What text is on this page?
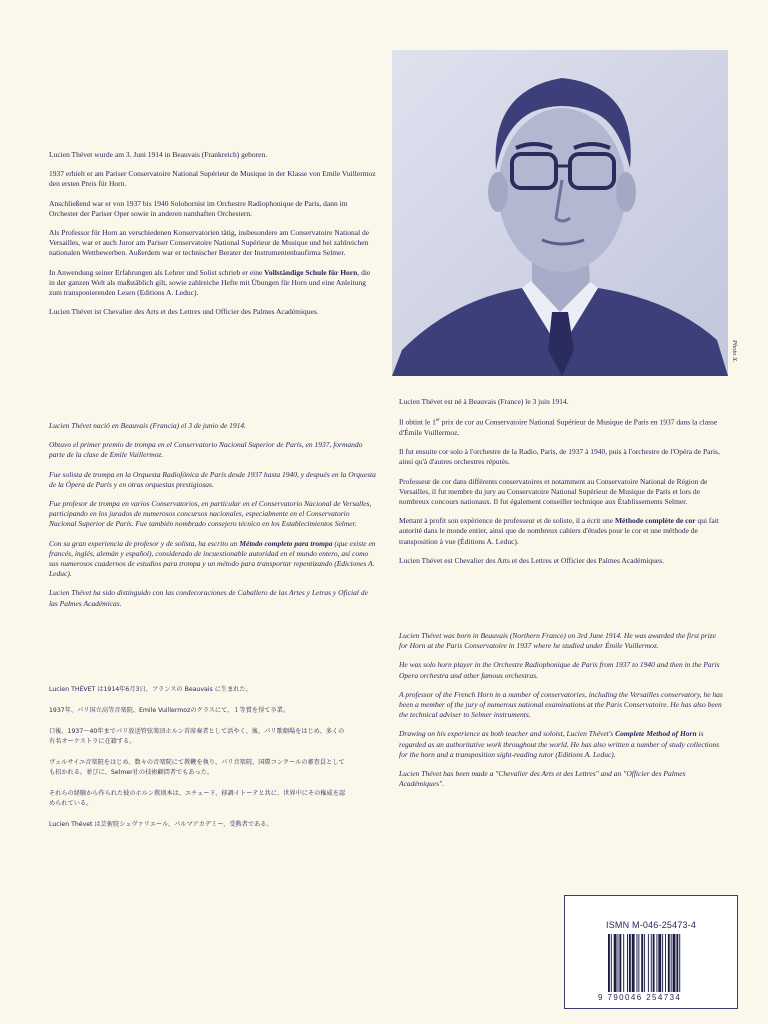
Lucien Thévet wurde am 3. Juni 1914 in Beauvais (Frankreich) geboren.

1937 erhielt er am Pariser Conservatoire National Supérieur de Musique in der Klasse von Emile Vuillermoz den ersten Preis für Horn.

Anschließend war er von 1937 bis 1940 Solohornist im Orchestre Radiophonique de Paris, dann im Orchester der Pariser Oper sowie in anderen namhaften Orchestern.

Als Professor für Horn an verschiedenen Konservatorien tätig, insbesondere am Conservatoire National de Versailles, war er auch Juror am Pariser Conservatoire National Supérieur de Musique und bei zahlreichen nationalen Wettbewerben. Außerdem war er technischer Berater der Instrumentenbaufirma Selmer.

In Anwendung seiner Erfahrungen als Lehrer und Solist schrieb er eine Vollständige Schule für Horn, die in der ganzen Welt als maßstäblich gilt, sowie zahlreiche Hefte mit Übungen für Horn und eine Anleitung zum transponierenden Lesen (Editions A. Leduc).

Lucien Thévet ist Chevalier des Arts et des Lettres und Officier des Palmes Académiques.

Lucien Thévet nació en Beauvais (Francia) el 3 de junio de 1914.

Obtuvo el primer premio de trompa en el Conservatorio Nacional Superior de París, en 1937, formando parte de la clase de Emile Vuillermoz.

Fue solista de trompa en la Orquesta Radiofónica de París desde 1937 hasta 1940, y después en la Orquesta de la Ópera de París y en otras orquestas prestigiosas.

Fue profesor de trompa en varios Conservatorios, en particular en el Conservatorio Nacional de Versalles, participando en los jurados de numerosos concursos nacionales, especialmente en el Conservatorio Nacional Superior de París. Fue también nombrado consejero técnico en los Establecimientos Selmer.

Con su gran experiencia de profesor y de solista, ha escrito un Método completo para trompa (que existe en francés, inglés, alemán y español), considerado de incuestionable autoridad en el mundo entero, así como sus numerosos cuadernos de estudios para trompa y un método para transportar repentizando (Ediciones A. Leduc).

Lucien Thévet ha sido distinguido con las condecoraciones de Caballero de las Artes y Letras y Oficial de las Palmes Académicas.

Lucien THÉVET は1914年6月3日、フランスの Beauvais に生まれた。

1937年、パリ国立高等音楽院、Emile Vuillermozのクラスにて、１等賞を得て卒業。

口後、1937〜40年までパリ放送管弦楽団ホルン首席奏者として活やく、後、パリ歌劇場をはじめ、多くの有名オーケストラに在籍する。

ヴェルサイユ音楽院をはじめ、数々の音楽院にて教鞭を執り、パリ音楽院、国際コンクールの審査員としても招かれる。並びに、Selmer社の技術顧問者でもあった。

それらの経験から作られた彼のホルン教則本は、エチュード、移調イトーテと共に、世界中にその権威を認められている。

Lucien Thévet は芸術院シュヴァリエール、パルマアカデミー、受勲者である。

Photo X.

Lucien Thévet est né à Beauvais (France) le 3 juin 1914.

Il obtint le 1er prix de cor au Conservatoire National Supérieur de Musique de Paris en 1937 dans la classe d'Émile Vuillermoz.

Il fut ensuite cor solo à l'orchestre de la Radio, Paris, de 1937 à 1940, puis à l'orchestre de l'Opéra de Paris, ainsi qu'à d'autres orchestres réputés.

Professeur de cor dans différents conservatoires et notamment au Conservatoire National de Région de Versailles, il fut membre du jury au Conservatoire National Supérieur de Musique de Paris et lors de nombreux concours nationaux. Il fut également conseiller technique aux Établissements Selmer.

Mettant à profit son expérience de professeur et de soliste, il a écrit une Méthode complète de cor qui fait autorité dans le monde entier, ainsi que de nombreux cahiers d'études pour le cor et une méthode de transposition à vue (Éditions A. Leduc).

Lucien Thévet est Chevalier des Arts et des Lettres et Officier des Palmes Académiques.

Lucien Thévet was born in Beauvais (Northern France) on 3rd June 1914. He was awarded the first prize for Horn at the Paris Conservatoire in 1937 where he studied under Émile Vuillermoz.

He was solo horn player in the Orchestre Radiophonique de Paris from 1937 to 1940 and then in the Paris Opera orchestra and other famous orchestras.

A professor of the French Horn in a number of conservatories, including the Versailles conservatory, he has been a member of the jury of numerous national examinations at the Paris Conservatoire. He has also been the technical adviser to Selmer instruments.

Drawing on his experience as both teacher and soloist, Lucien Thévet's Complete Method of Horn is regarded as an authoritative work throughout the world. He has also written a number of study collections for the horn and a transposition sight-reading tutor (Editions A. Leduc).

Lucien Thévet has been made a "Chevalier des Arts et des Lettres" and an "Officier des Palmes Académiques".

ISMN M-046-25473-4
9 790046 254734
